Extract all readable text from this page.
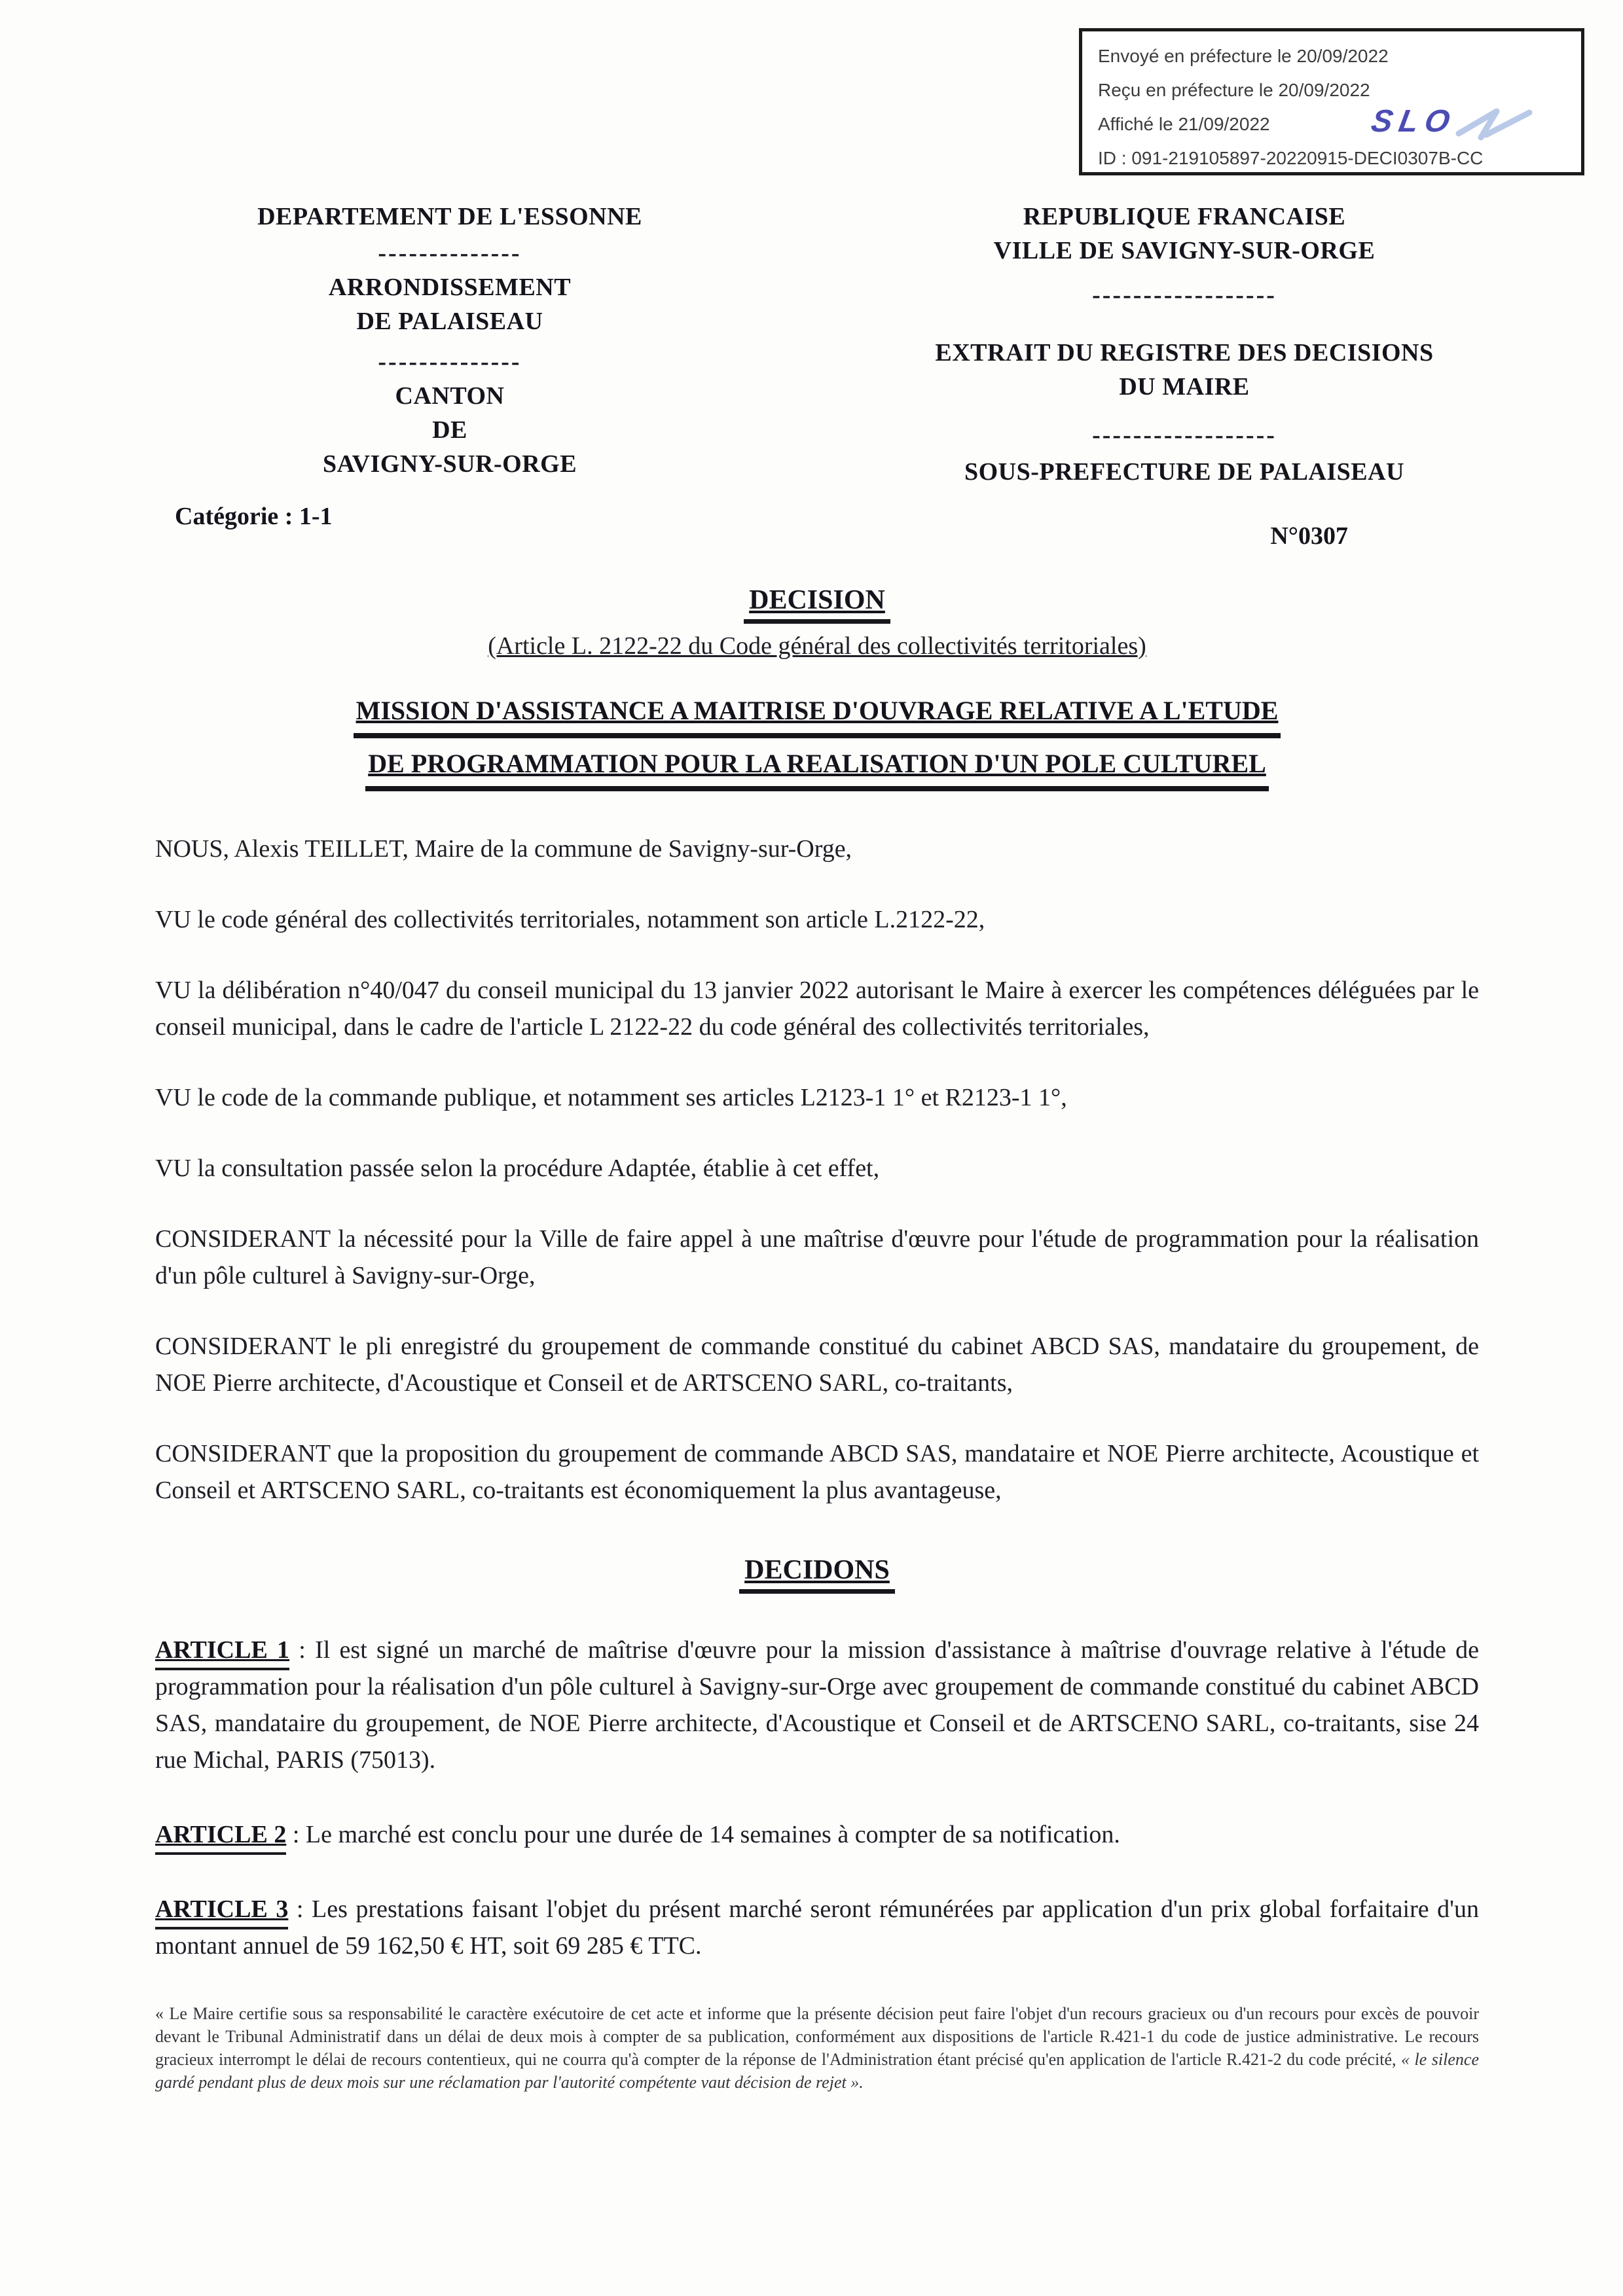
Envoyé en préfecture le 20/09/2022
Reçu en préfecture le 20/09/2022
Affiché le 21/09/2022
ID : 091-219105897-20220915-DECI0307B-CC
SLO
DEPARTEMENT DE L'ESSONNE
--------------
ARRONDISSEMENT
DE PALAISEAU
--------------
CANTON
DE
SAVIGNY-SUR-ORGE
REPUBLIQUE FRANCAISE
VILLE DE SAVIGNY-SUR-ORGE
------------------
EXTRAIT DU REGISTRE DES DECISIONS
DU MAIRE
------------------
SOUS-PREFECTURE DE PALAISEAU
Catégorie : 1-1
N°0307
DECISION
(Article L. 2122-22 du Code général des collectivités territoriales)
MISSION D'ASSISTANCE A MAITRISE D'OUVRAGE RELATIVE A L'ETUDE
DE PROGRAMMATION POUR LA REALISATION D'UN POLE CULTUREL

NOUS, Alexis TEILLET, Maire de la commune de Savigny-sur-Orge,

VU le code général des collectivités territoriales, notamment son article L.2122-22,

VU la délibération n°40/047 du conseil municipal du 13 janvier 2022 autorisant le Maire à exercer les compétences déléguées par le conseil municipal, dans le cadre de l'article L 2122-22 du code général des collectivités territoriales,

VU le code de la commande publique, et notamment ses articles L2123-1 1° et R2123-1 1°,

VU la consultation passée selon la procédure Adaptée, établie à cet effet,

CONSIDERANT la nécessité pour la Ville de faire appel à une maîtrise d'œuvre pour l'étude de programmation pour la réalisation d'un pôle culturel à Savigny-sur-Orge,

CONSIDERANT le pli enregistré du groupement de commande constitué du cabinet ABCD SAS, mandataire du groupement, de NOE Pierre architecte, d'Acoustique et Conseil et de ARTSCENO SARL, co-traitants,

CONSIDERANT que la proposition du groupement de commande ABCD SAS, mandataire et NOE Pierre architecte, Acoustique et Conseil et ARTSCENO SARL, co-traitants est économiquement la plus avantageuse,

DECIDONS

ARTICLE 1 : Il est signé un marché de maîtrise d'œuvre pour la mission d'assistance à maîtrise d'ouvrage relative à l'étude de programmation pour la réalisation d'un pôle culturel à Savigny-sur-Orge avec groupement de commande constitué du cabinet ABCD SAS, mandataire du groupement, de NOE Pierre architecte, d'Acoustique et Conseil et de ARTSCENO SARL, co-traitants, sise 24 rue Michal, PARIS (75013).

ARTICLE 2 : Le marché est conclu pour une durée de 14 semaines à compter de sa notification.

ARTICLE 3 : Les prestations faisant l'objet du présent marché seront rémunérées par application d'un prix global forfaitaire d'un montant annuel de 59 162,50 € HT, soit 69 285 € TTC.

« Le Maire certifie sous sa responsabilité le caractère exécutoire de cet acte et informe que la présente décision peut faire l'objet d'un recours gracieux ou d'un recours pour excès de pouvoir devant le Tribunal Administratif dans un délai de deux mois à compter de sa publication, conformément aux dispositions de l'article R.421-1 du code de justice administrative. Le recours gracieux interrompt le délai de recours contentieux, qui ne courra qu'à compter de la réponse de l'Administration étant précisé qu'en application de l'article R.421-2 du code précité, « le silence gardé pendant plus de deux mois sur une réclamation par l'autorité compétente vaut décision de rejet ».
